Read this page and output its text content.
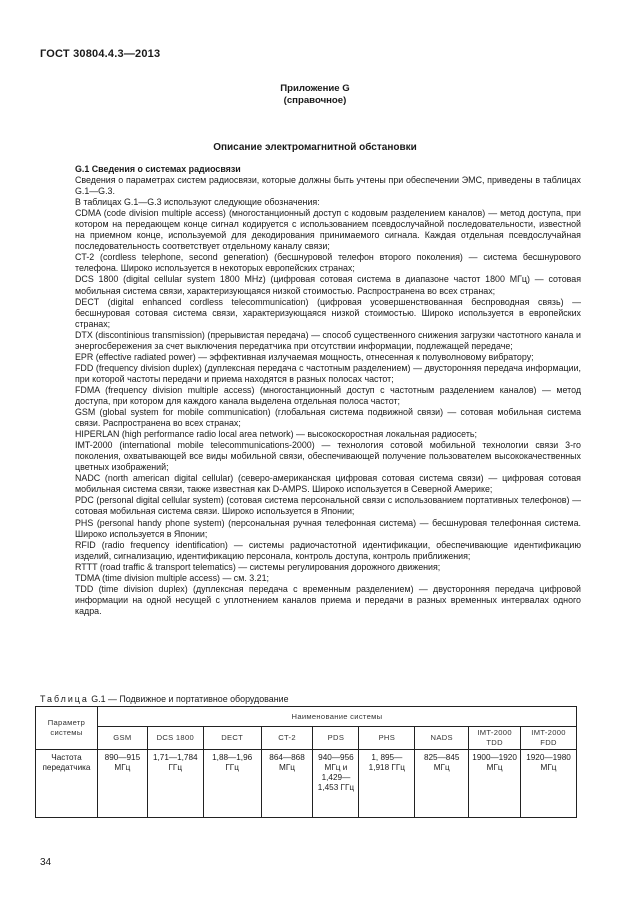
ГОСТ 30804.4.3—2013
Приложение G
(справочное)
Описание электромагнитной обстановки

G.1 Сведения о системах радиосвязи

Сведения о параметрах систем радиосвязи, которые должны быть учтены при обеспечении ЭМС, приведены в таблицах G.1—G.3.

В таблицах G.1—G.3 используют следующие обозначения:

CDMA (code division multiple access) (многостанционный доступ с кодовым разделением каналов) — метод доступа, при котором на передающем конце сигнал кодируется с использованием псевдослучайной последовательности, известной на приемном конце, используемой для декодирования принимаемого сигнала. Каждая отдельная псевдослучайная последовательность соответствует отдельному каналу связи;

CT-2 (cordless telephone, second generation) (бесшнуровой телефон второго поколения) — система бесшнурового телефона. Широко используется в некоторых европейских странах;

DCS 1800 (digital cellular system 1800 MHz) (цифровая сотовая система в диапазоне частот 1800 МГц) — сотовая мобильная система связи, характеризующаяся низкой стоимостью. Распространена во всех странах;

DECT (digital enhanced cordless telecommunication) (цифровая усовершенствованная беспроводная связь) — бесшнуровая сотовая система связи, характеризующаяся низкой стоимостью. Широко используется в европейских странах;

DTX (discontinious transmission) (прерывистая передача) — способ существенного снижения загрузки частотного канала и энергосбережения за счет выключения передатчика при отсутствии информации, подлежащей передаче;

EPR (effective radiated power) — эффективная излучаемая мощность, отнесенная к полуволновому вибратору;

FDD (frequency division duplex) (дуплексная передача с частотным разделением) — двусторонняя передача информации, при которой частоты передачи и приема находятся в разных полосах частот;

FDMA (frequency division multiple access) (многостанционный доступ с частотным разделением каналов) — метод доступа, при котором для каждого канала выделена отдельная полоса частот;

GSM (global system for mobile communication) (глобальная система подвижной связи) — сотовая мобильная система связи. Распространена во всех странах;

HIPERLAN (high performance radio local area network) — высокоскоростная локальная радиосеть;

IMT-2000 (international mobile telecommunications-2000) — технология сотовой мобильной технологии связи 3-го поколения, охватывающей все виды мобильной связи, обеспечивающей получение пользователем высококачественных цветных изображений;

NADC (north american digital cellular) (северо-американская цифровая сотовая система связи) — цифровая сотовая мобильная система связи, также известная как D-AMPS. Широко используется в Северной Америке;

PDC (personal digital cellular system) (сотовая система персональной связи с использованием портативных телефонов) — сотовая мобильная система связи. Широко используется в Японии;

PHS (personal handy phone system) (персональная ручная телефонная система) — бесшнуровая телефонная система. Широко используется в Японии;

RFID (radio frequency identification) — системы радиочастотной идентификации, обеспечивающие идентификацию изделий, сигнализацию, идентификацию персонала, контроль доступа, контроль приближения;

RTTT (road traffic & transport telematics) — системы регулирования дорожного движения;

TDMA (time division multiple access) — см. 3.21;

TDD (time division duplex) (дуплексная передача с временным разделением) — двусторонняя передача цифровой информации на одной несущей с уплотнением каналов приема и передачи в разных временных интервалах одного кадра.

Таблица G.1 — Подвижное и портативное оборудование
Параметр системы	Наименование системы								
	GSM	DCS 1800	DECT	CT-2	PDS	PHS	NADS	IMT-2000 TDD	IMT-2000 FDD
Частота передатчика	890—915 МГц	1,71—1,784 ГГц	1,88—1,96 ГГц	864—868 МГц	940—956 МГц и 1,429—1,453 ГГц	1, 895—1,918 ГГц	825—845 МГц	1900—1920 МГц	1920—1980 МГц
34
